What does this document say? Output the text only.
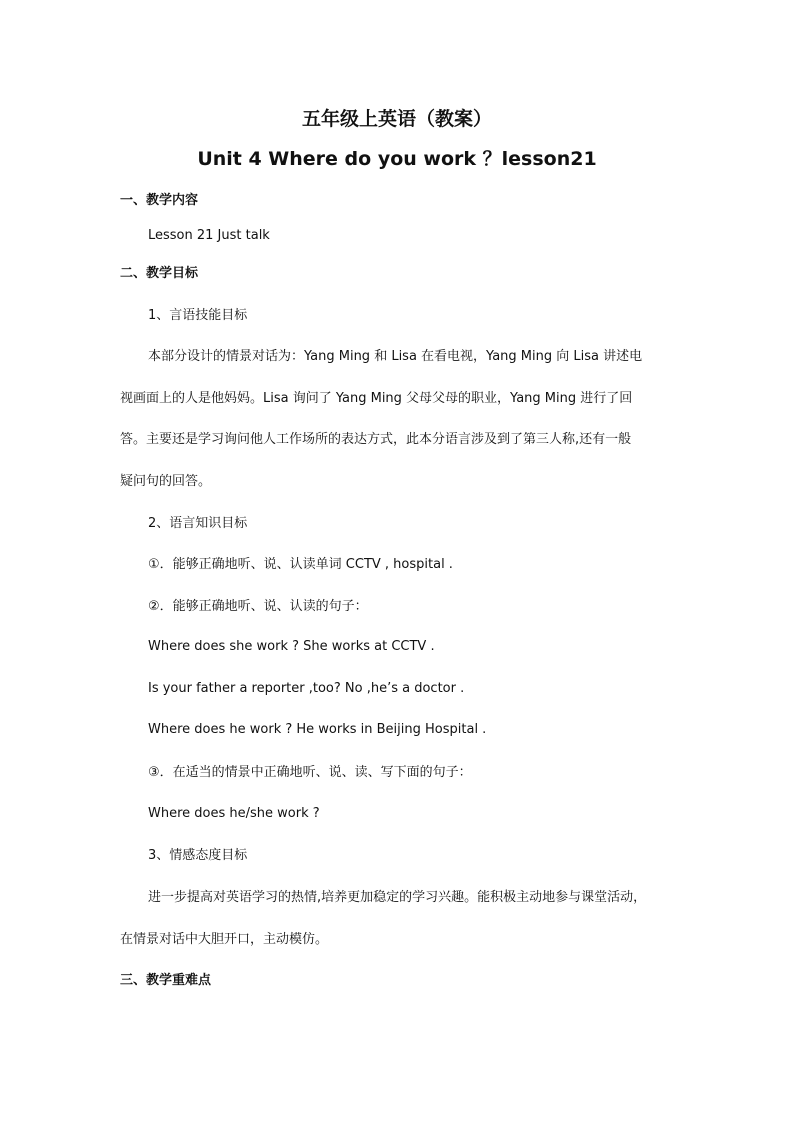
五年级上英语（教案）
Unit 4 Where do you work ？lesson21
一、教学内容
Lesson 21 Just talk
二、教学目标
1、言语技能目标
本部分设计的情景对话为：Yang Ming 和 Lisa 在看电视，Yang Ming 向 Lisa 讲述电
视画面上的人是他妈妈。Lisa 询问了 Yang Ming 父母父母的职业，Yang Ming 进行了回
答。主要还是学习询问他人工作场所的表达方式，此本分语言涉及到了第三人称,还有一般
疑问句的回答。
2、语言知识目标
①．能够正确地听、说、认读单词 CCTV , hospital .
②．能够正确地听、说、认读的句子：
Where does she work ? She works at CCTV .
Is your father a reporter ,too? No ,he’s a doctor .
Where does he work ? He works in Beijing Hospital .
③．在适当的情景中正确地听、说、读、写下面的句子：
Where does he/she work ?
3、情感态度目标
进一步提高对英语学习的热情,培养更加稳定的学习兴趣。能积极主动地参与课堂活动，
在情景对话中大胆开口，主动模仿。
三、教学重难点
